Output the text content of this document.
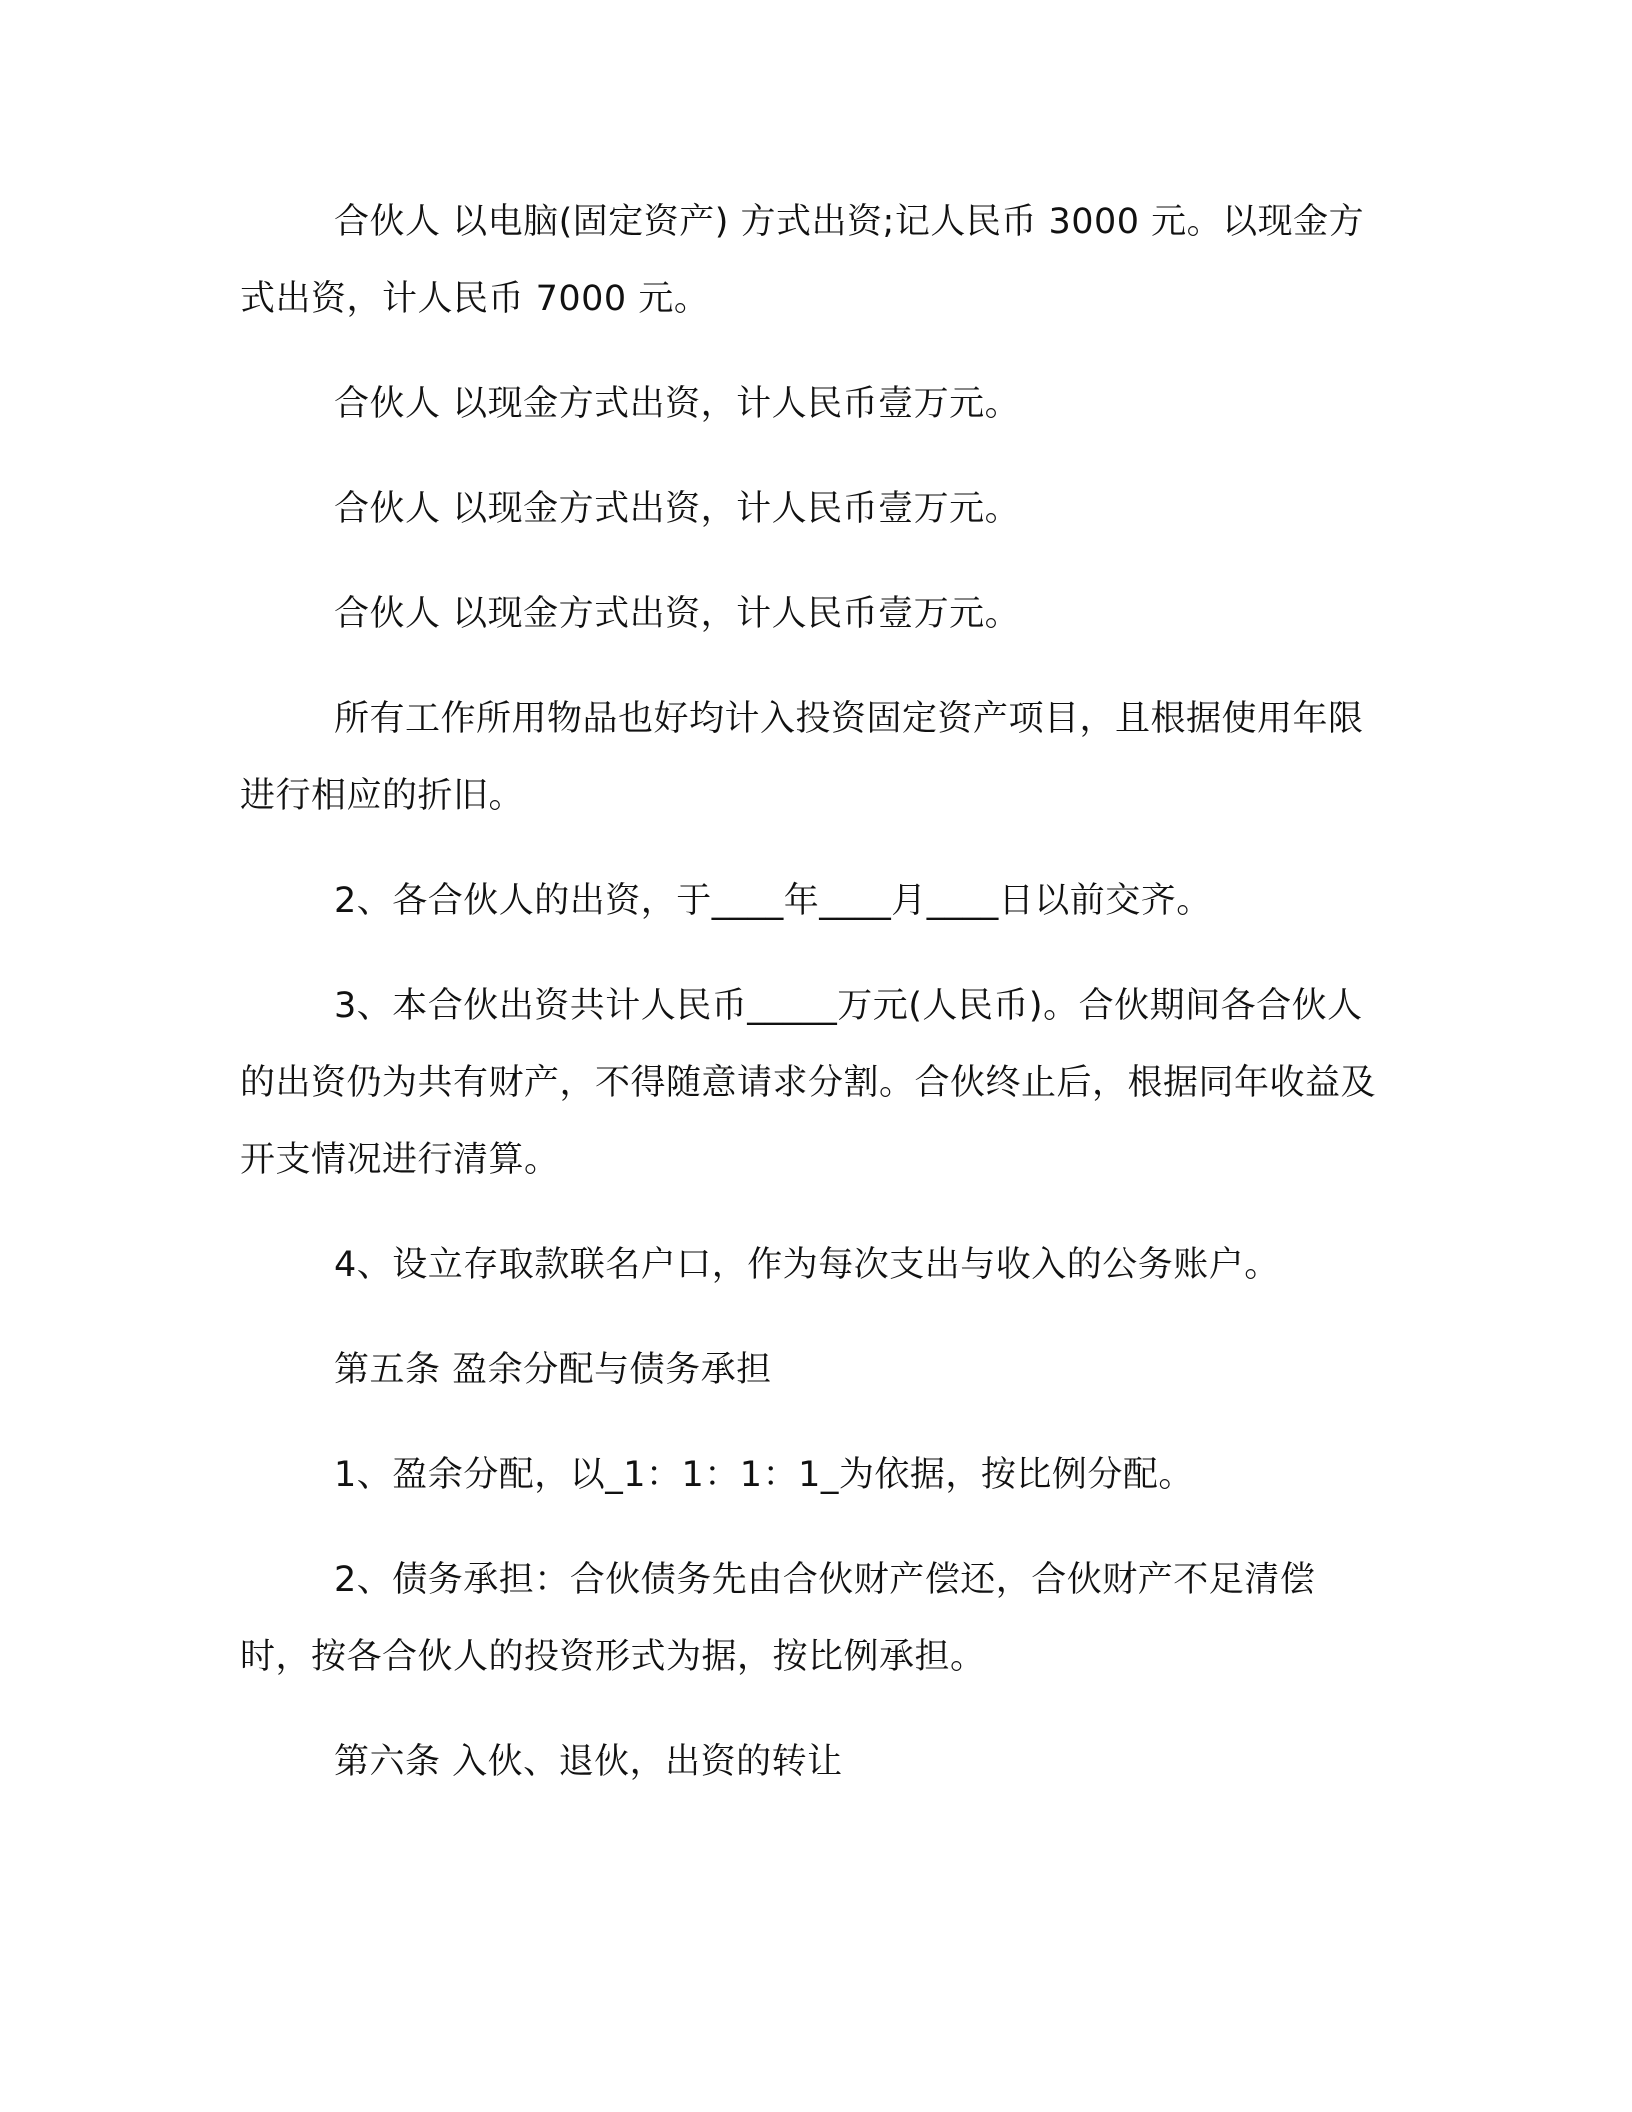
合伙人 以电脑(固定资产) 方式出资;记人民币 3000 元。以现金方式出资，计人民币 7000 元。

合伙人 以现金方式出资，计人民币壹万元。

合伙人 以现金方式出资，计人民币壹万元。

合伙人 以现金方式出资，计人民币壹万元。

所有工作所用物品也好均计入投资固定资产项目，且根据使用年限进行相应的折旧。

2、各合伙人的出资，于____年____月____日以前交齐。

3、本合伙出资共计人民币_____万元(人民币)。合伙期间各合伙人的出资仍为共有财产，不得随意请求分割。合伙终止后，根据同年收益及开支情况进行清算。

4、设立存取款联名户口，作为每次支出与收入的公务账户。

第五条 盈余分配与债务承担

1、盈余分配，以_1：1：1：1_为依据，按比例分配。

2、债务承担：合伙债务先由合伙财产偿还，合伙财产不足清偿时，按各合伙人的投资形式为据，按比例承担。

第六条 入伙、退伙，出资的转让
